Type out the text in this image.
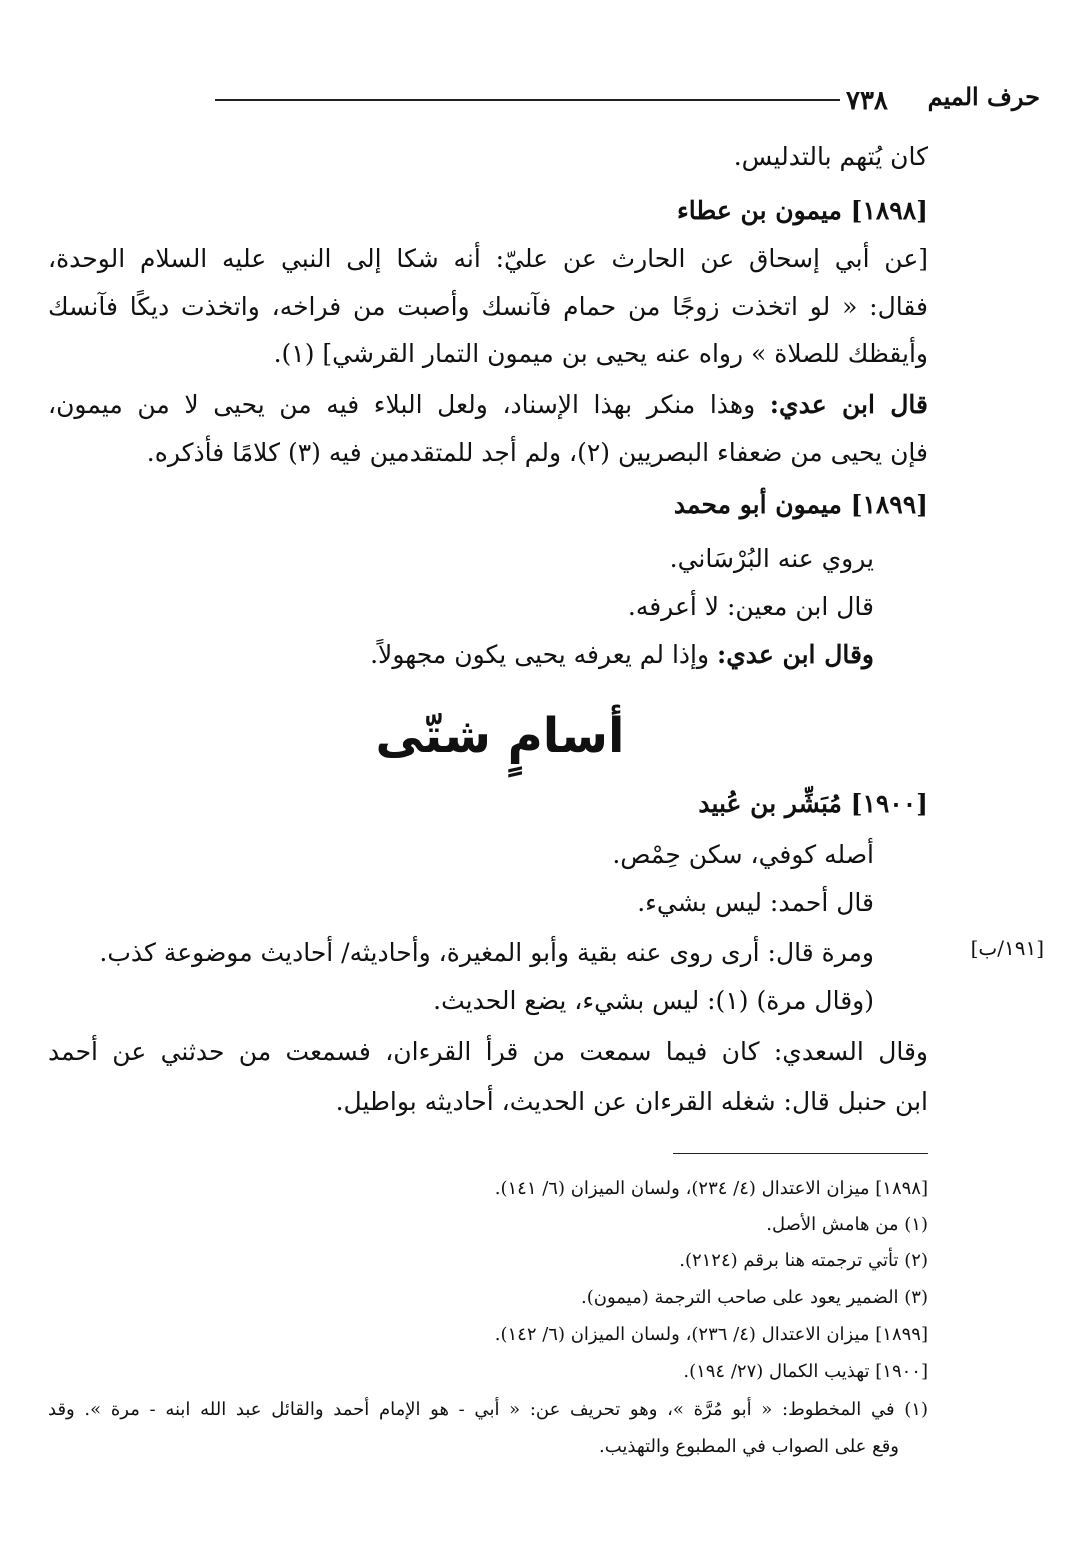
٧٣٨ حرف الميم
كان يُتهم بالتدليس.
[١٨٩٨] ميمون بن عطاء
[عن أبي إسحاق عن الحارث عن عليّ: أنه شكا إلى النبي عليه السلام الوحدة،
فقال: « لو اتخذت زوجًا من حمام فآنسك وأصبت من فراخه، واتخذت ديكًا فآنسك
وأيقظك للصلاة » رواه عنه يحيى بن ميمون التمار القرشي] (١).
قال ابن عدي: وهذا منكر بهذا الإسناد، ولعل البلاء فيه من يحيى لا من ميمون،
فإن يحيى من ضعفاء البصريين (٢)، ولم أجد للمتقدمين فيه (٣) كلامًا فأذكره.
[١٨٩٩] ميمون أبو محمد
يروي عنه البُرْسَاني.
قال ابن معين: لا أعرفه.
وقال ابن عدي: وإذا لم يعرفه يحيى يكون مجهولاً.
أسامٍ شتّى
[١٩٠٠] مُبَشِّر بن عُبيد
أصله كوفي، سكن حِمْص.
قال أحمد: ليس بشيء.
ومرة قال: أرى روى عنه بقية وأبو المغيرة، وأحاديثه/ أحاديث موضوعة كذب.	[١٩١/ب]
(وقال مرة) (١): ليس بشيء، يضع الحديث.
وقال السعدي: كان فيما سمعت من قرأ القرءان، فسمعت من حدثني عن أحمد
ابن حنبل قال: شغله القرءان عن الحديث، أحاديثه بواطيل.
[١٨٩٨] ميزان الاعتدال (٤/ ٢٣٤)، ولسان الميزان (٦/ ١٤١).
(١) من هامش الأصل.
(٢) تأتي ترجمته هنا برقم (٢١٢٤).
(٣) الضمير يعود على صاحب الترجمة (ميمون).
[١٨٩٩] ميزان الاعتدال (٤/ ٢٣٦)، ولسان الميزان (٦/ ١٤٢).
[١٩٠٠] تهذيب الكمال (٢٧/ ١٩٤).
(١) في المخطوط: « أبو مُرَّة »، وهو تحريف عن: « أبي - هو الإمام أحمد والقائل عبد الله ابنه - مرة ». وقد
وقع على الصواب في المطبوع والتهذيب.
